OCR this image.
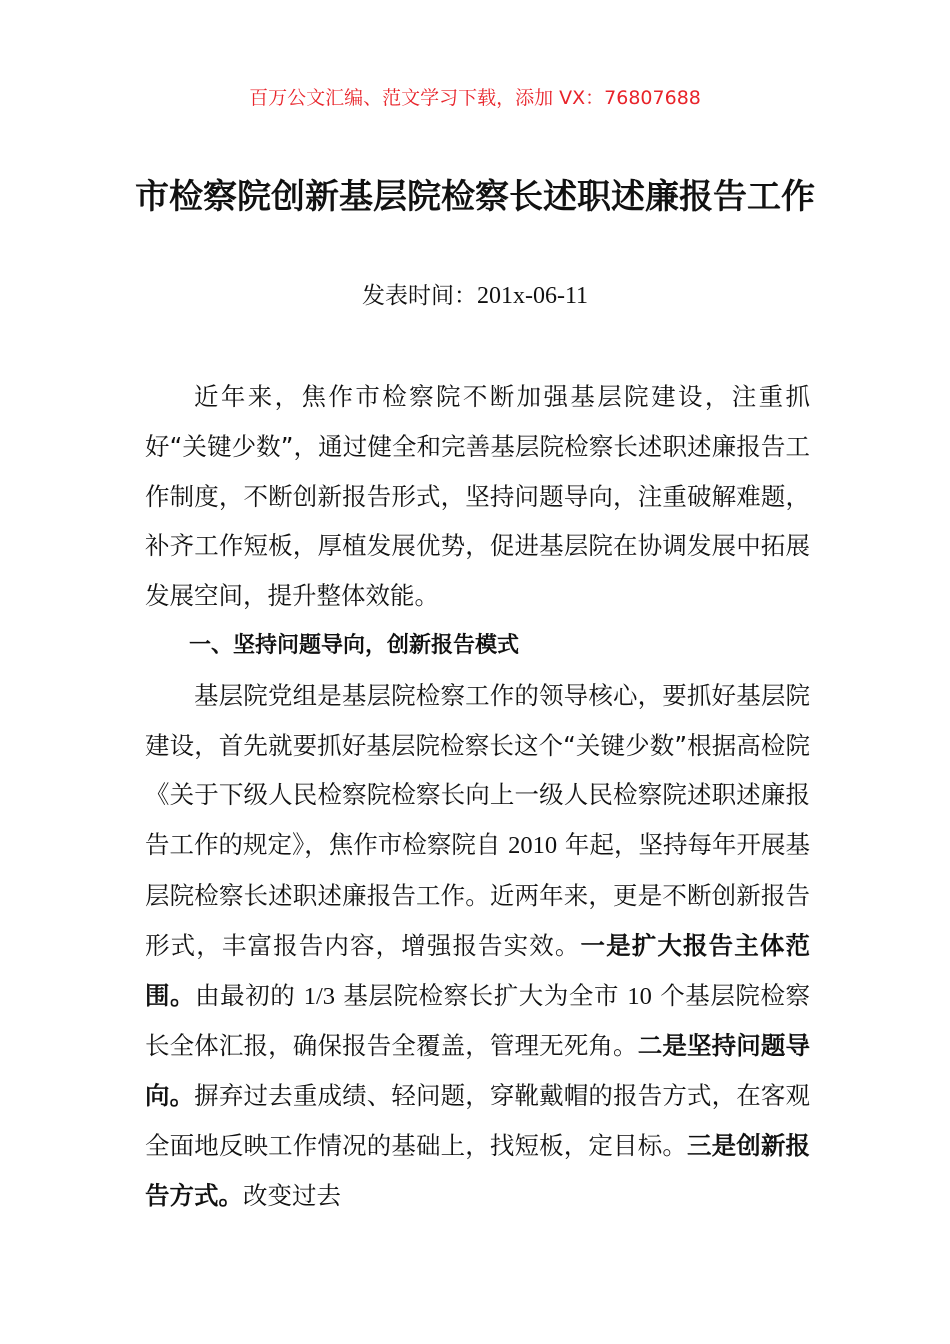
百万公文汇编、范文学习下载，添加 VX：76807688
市检察院创新基层院检察长述职述廉报告工作
发表时间：201x-06-11

近年来，焦作市检察院不断加强基层院建设，注重抓好“关键少数”，通过健全和完善基层院检察长述职述廉报告工作制度，不断创新报告形式，坚持问题导向，注重破解难题，补齐工作短板，厚植发展优势，促进基层院在协调发展中拓展发展空间，提升整体效能。

一、坚持问题导向，创新报告模式

基层院党组是基层院检察工作的领导核心，要抓好基层院建设，首先就要抓好基层院检察长这个“关键少数”根据高检院《关于下级人民检察院检察长向上一级人民检察院述职述廉报告工作的规定》，焦作市检察院自 2010 年起，坚持每年开展基层院检察长述职述廉报告工作。近两年来，更是不断创新报告形式，丰富报告内容，增强报告实效。一是扩大报告主体范围。由最初的 1/3 基层院检察长扩大为全市 10 个基层院检察长全体汇报，确保报告全覆盖，管理无死角。二是坚持问题导向。摒弃过去重成绩、轻问题，穿靴戴帽的报告方式，在客观全面地反映工作情况的基础上，找短板，定目标。三是创新报告方式。改变过去
